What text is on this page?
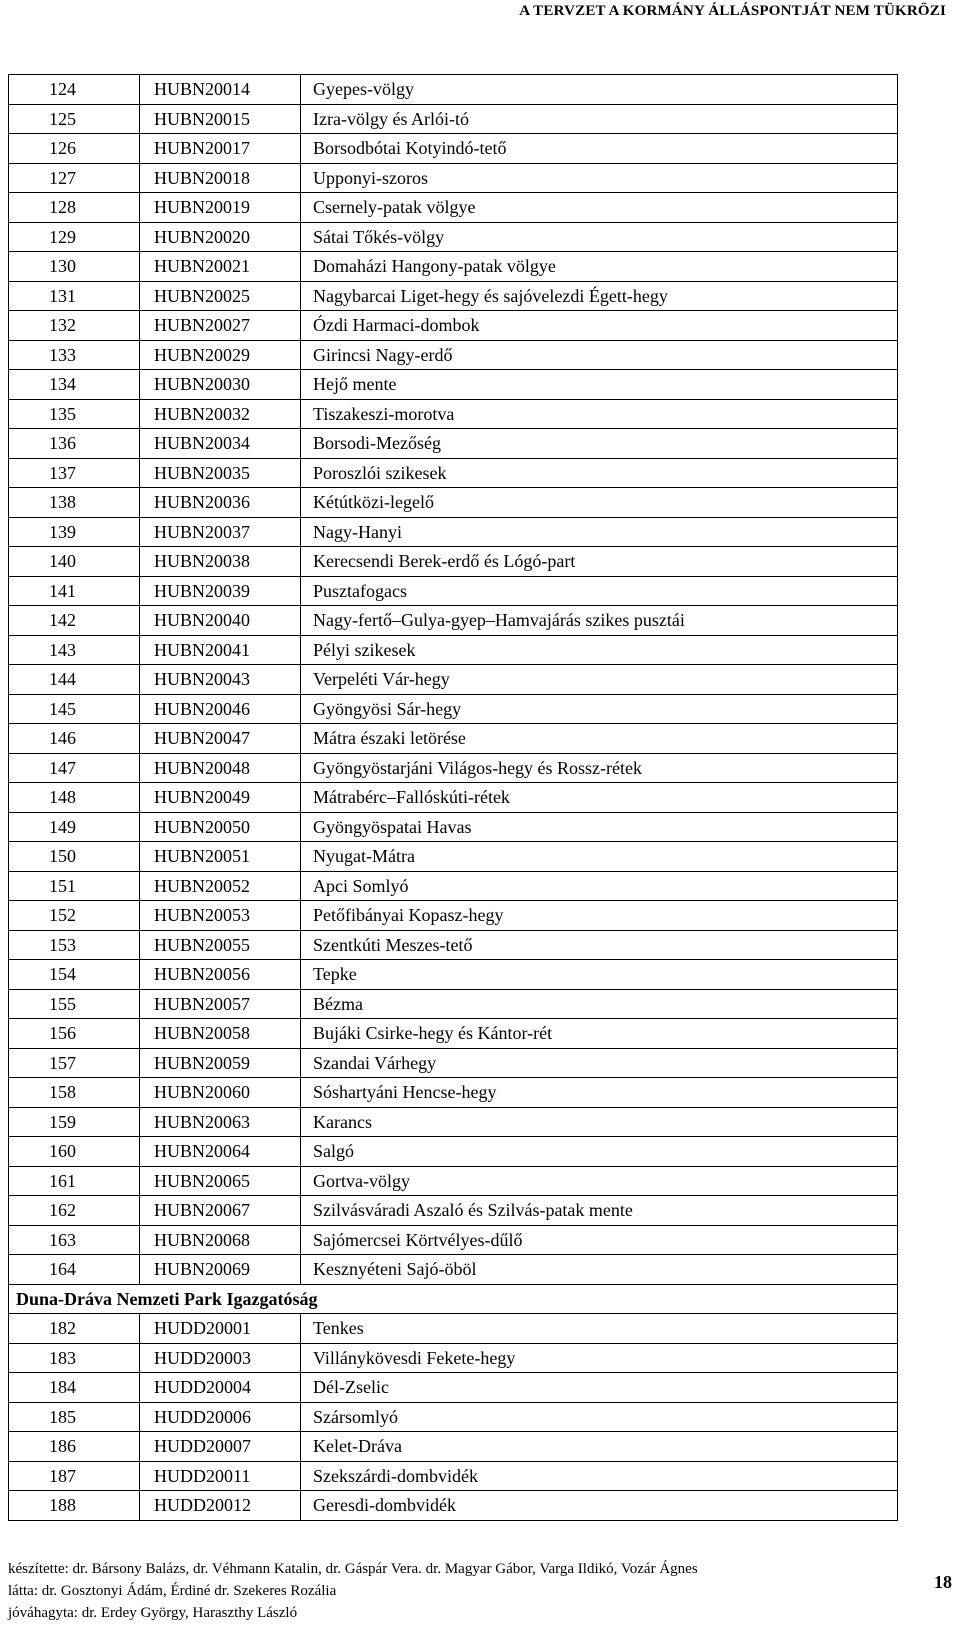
A TERVZET A KORMÁNY ÁLLÁSPONTJÁT NEM TÜKRÖZI
124	HUBN20014	Gyepes-völgy
125	HUBN20015	Izra-völgy és Arlói-tó
126	HUBN20017	Borsodbótai Kotyindó-tető
127	HUBN20018	Upponyi-szoros
128	HUBN20019	Csernely-patak völgye
129	HUBN20020	Sátai Tőkés-völgy
130	HUBN20021	Domaházi Hangony-patak völgye
131	HUBN20025	Nagybarcai Liget-hegy és sajóvelezdi Égett-hegy
132	HUBN20027	Ózdi Harmaci-dombok
133	HUBN20029	Girincsi Nagy-erdő
134	HUBN20030	Hejő mente
135	HUBN20032	Tiszakeszi-morotva
136	HUBN20034	Borsodi-Mezőség
137	HUBN20035	Poroszlói szikesek
138	HUBN20036	Kétútközi-legelő
139	HUBN20037	Nagy-Hanyi
140	HUBN20038	Kerecsendi Berek-erdő és Lógó-part
141	HUBN20039	Pusztafogacs
142	HUBN20040	Nagy-fertő–Gulya-gyep–Hamvajárás szikes pusztái
143	HUBN20041	Pélyi szikesek
144	HUBN20043	Verpeléti Vár-hegy
145	HUBN20046	Gyöngyösi Sár-hegy
146	HUBN20047	Mátra északi letörése
147	HUBN20048	Gyöngyöstarjáni Világos-hegy és Rossz-rétek
148	HUBN20049	Mátrabérc–Fallóskúti-rétek
149	HUBN20050	Gyöngyöspatai Havas
150	HUBN20051	Nyugat-Mátra
151	HUBN20052	Apci Somlyó
152	HUBN20053	Petőfibányai Kopasz-hegy
153	HUBN20055	Szentkúti Meszes-tető
154	HUBN20056	Tepke
155	HUBN20057	Bézma
156	HUBN20058	Bujáki Csirke-hegy és Kántor-rét
157	HUBN20059	Szandai Várhegy
158	HUBN20060	Sóshartyáni Hencse-hegy
159	HUBN20063	Karancs
160	HUBN20064	Salgó
161	HUBN20065	Gortva-völgy
162	HUBN20067	Szilvásváradi Aszaló és Szilvás-patak mente
163	HUBN20068	Sajómercsei Körtvélyes-dűlő
164	HUBN20069	Kesznyéteni Sajó-öböl
Duna-Dráva Nemzeti Park Igazgatóság		
182	HUDD20001	Tenkes
183	HUDD20003	Villánykövesdi Fekete-hegy
184	HUDD20004	Dél-Zselic
185	HUDD20006	Szársomlyó
186	HUDD20007	Kelet-Dráva
187	HUDD20011	Szekszárdi-dombvidék
188	HUDD20012	Geresdi-dombvidék
készítette: dr. Bársony Balázs, dr. Véhmann Katalin, dr. Gáspár Vera. dr. Magyar Gábor, Varga Ildikó, Vozár Ágnes
látta: dr. Gosztonyi Ádám, Érdiné dr. Szekeres Rozália
jóváhagyta: dr. Erdey György, Haraszthy László
18
